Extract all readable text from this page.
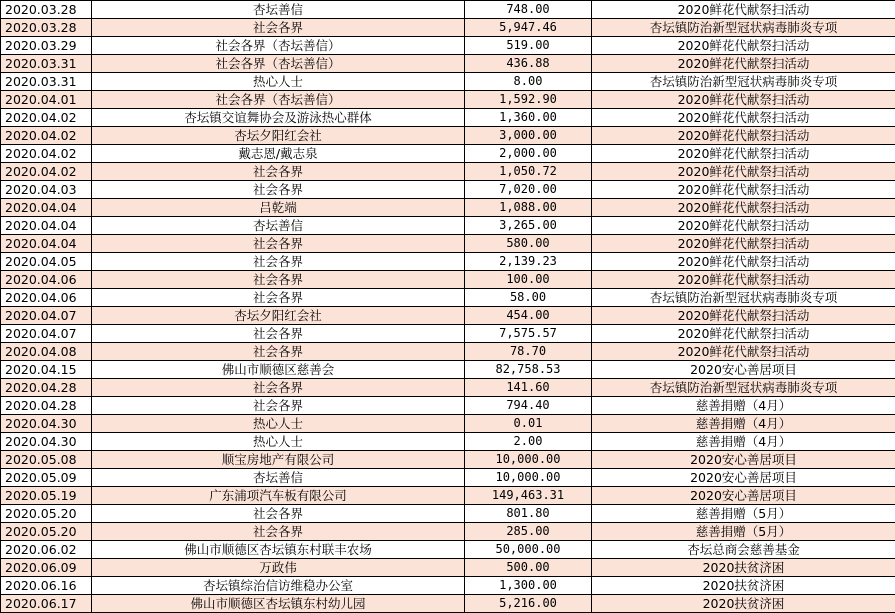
2020.03.28	杏坛善信	748.00	2020鲜花代献祭扫活动
2020.03.28	社会各界	5,947.46	杏坛镇防治新型冠状病毒肺炎专项
2020.03.29	社会各界（杏坛善信）	519.00	2020鲜花代献祭扫活动
2020.03.31	社会各界（杏坛善信）	436.88	2020鲜花代献祭扫活动
2020.03.31	热心人士	8.00	杏坛镇防治新型冠状病毒肺炎专项
2020.04.01	社会各界（杏坛善信）	1,592.90	2020鲜花代献祭扫活动
2020.04.02	杏坛镇交谊舞协会及游泳热心群体	1,360.00	2020鲜花代献祭扫活动
2020.04.02	杏坛夕阳红会社	3,000.00	2020鲜花代献祭扫活动
2020.04.02	戴志恩/戴志泉	2,000.00	2020鲜花代献祭扫活动
2020.04.02	社会各界	1,050.72	2020鲜花代献祭扫活动
2020.04.03	社会各界	7,020.00	2020鲜花代献祭扫活动
2020.04.04	吕乾端	1,088.00	2020鲜花代献祭扫活动
2020.04.04	杏坛善信	3,265.00	2020鲜花代献祭扫活动
2020.04.04	社会各界	580.00	2020鲜花代献祭扫活动
2020.04.05	社会各界	2,139.23	2020鲜花代献祭扫活动
2020.04.06	社会各界	100.00	2020鲜花代献祭扫活动
2020.04.06	社会各界	58.00	杏坛镇防治新型冠状病毒肺炎专项
2020.04.07	杏坛夕阳红会社	454.00	2020鲜花代献祭扫活动
2020.04.07	社会各界	7,575.57	2020鲜花代献祭扫活动
2020.04.08	社会各界	78.70	2020鲜花代献祭扫活动
2020.04.15	佛山市顺德区慈善会	82,758.53	2020安心善居项目
2020.04.28	社会各界	141.60	杏坛镇防治新型冠状病毒肺炎专项
2020.04.28	社会各界	794.40	慈善捐赠（4月）
2020.04.30	热心人士	0.01	慈善捐赠（4月）
2020.04.30	热心人士	2.00	慈善捐赠（4月）
2020.05.08	顺宝房地产有限公司	10,000.00	2020安心善居项目
2020.05.09	杏坛善信	10,000.00	2020安心善居项目
2020.05.19	广东浦项汽车板有限公司	149,463.31	2020安心善居项目
2020.05.20	社会各界	801.80	慈善捐赠（5月）
2020.05.20	社会各界	285.00	慈善捐赠（5月）
2020.06.02	佛山市顺德区杏坛镇东村联丰农场	50,000.00	杏坛总商会慈善基金
2020.06.09	万政伟	500.00	2020扶贫济困
2020.06.16	杏坛镇综治信访维稳办公室	1,300.00	2020扶贫济困
2020.06.17	佛山市顺德区杏坛镇东村幼儿园	5,216.00	2020扶贫济困
